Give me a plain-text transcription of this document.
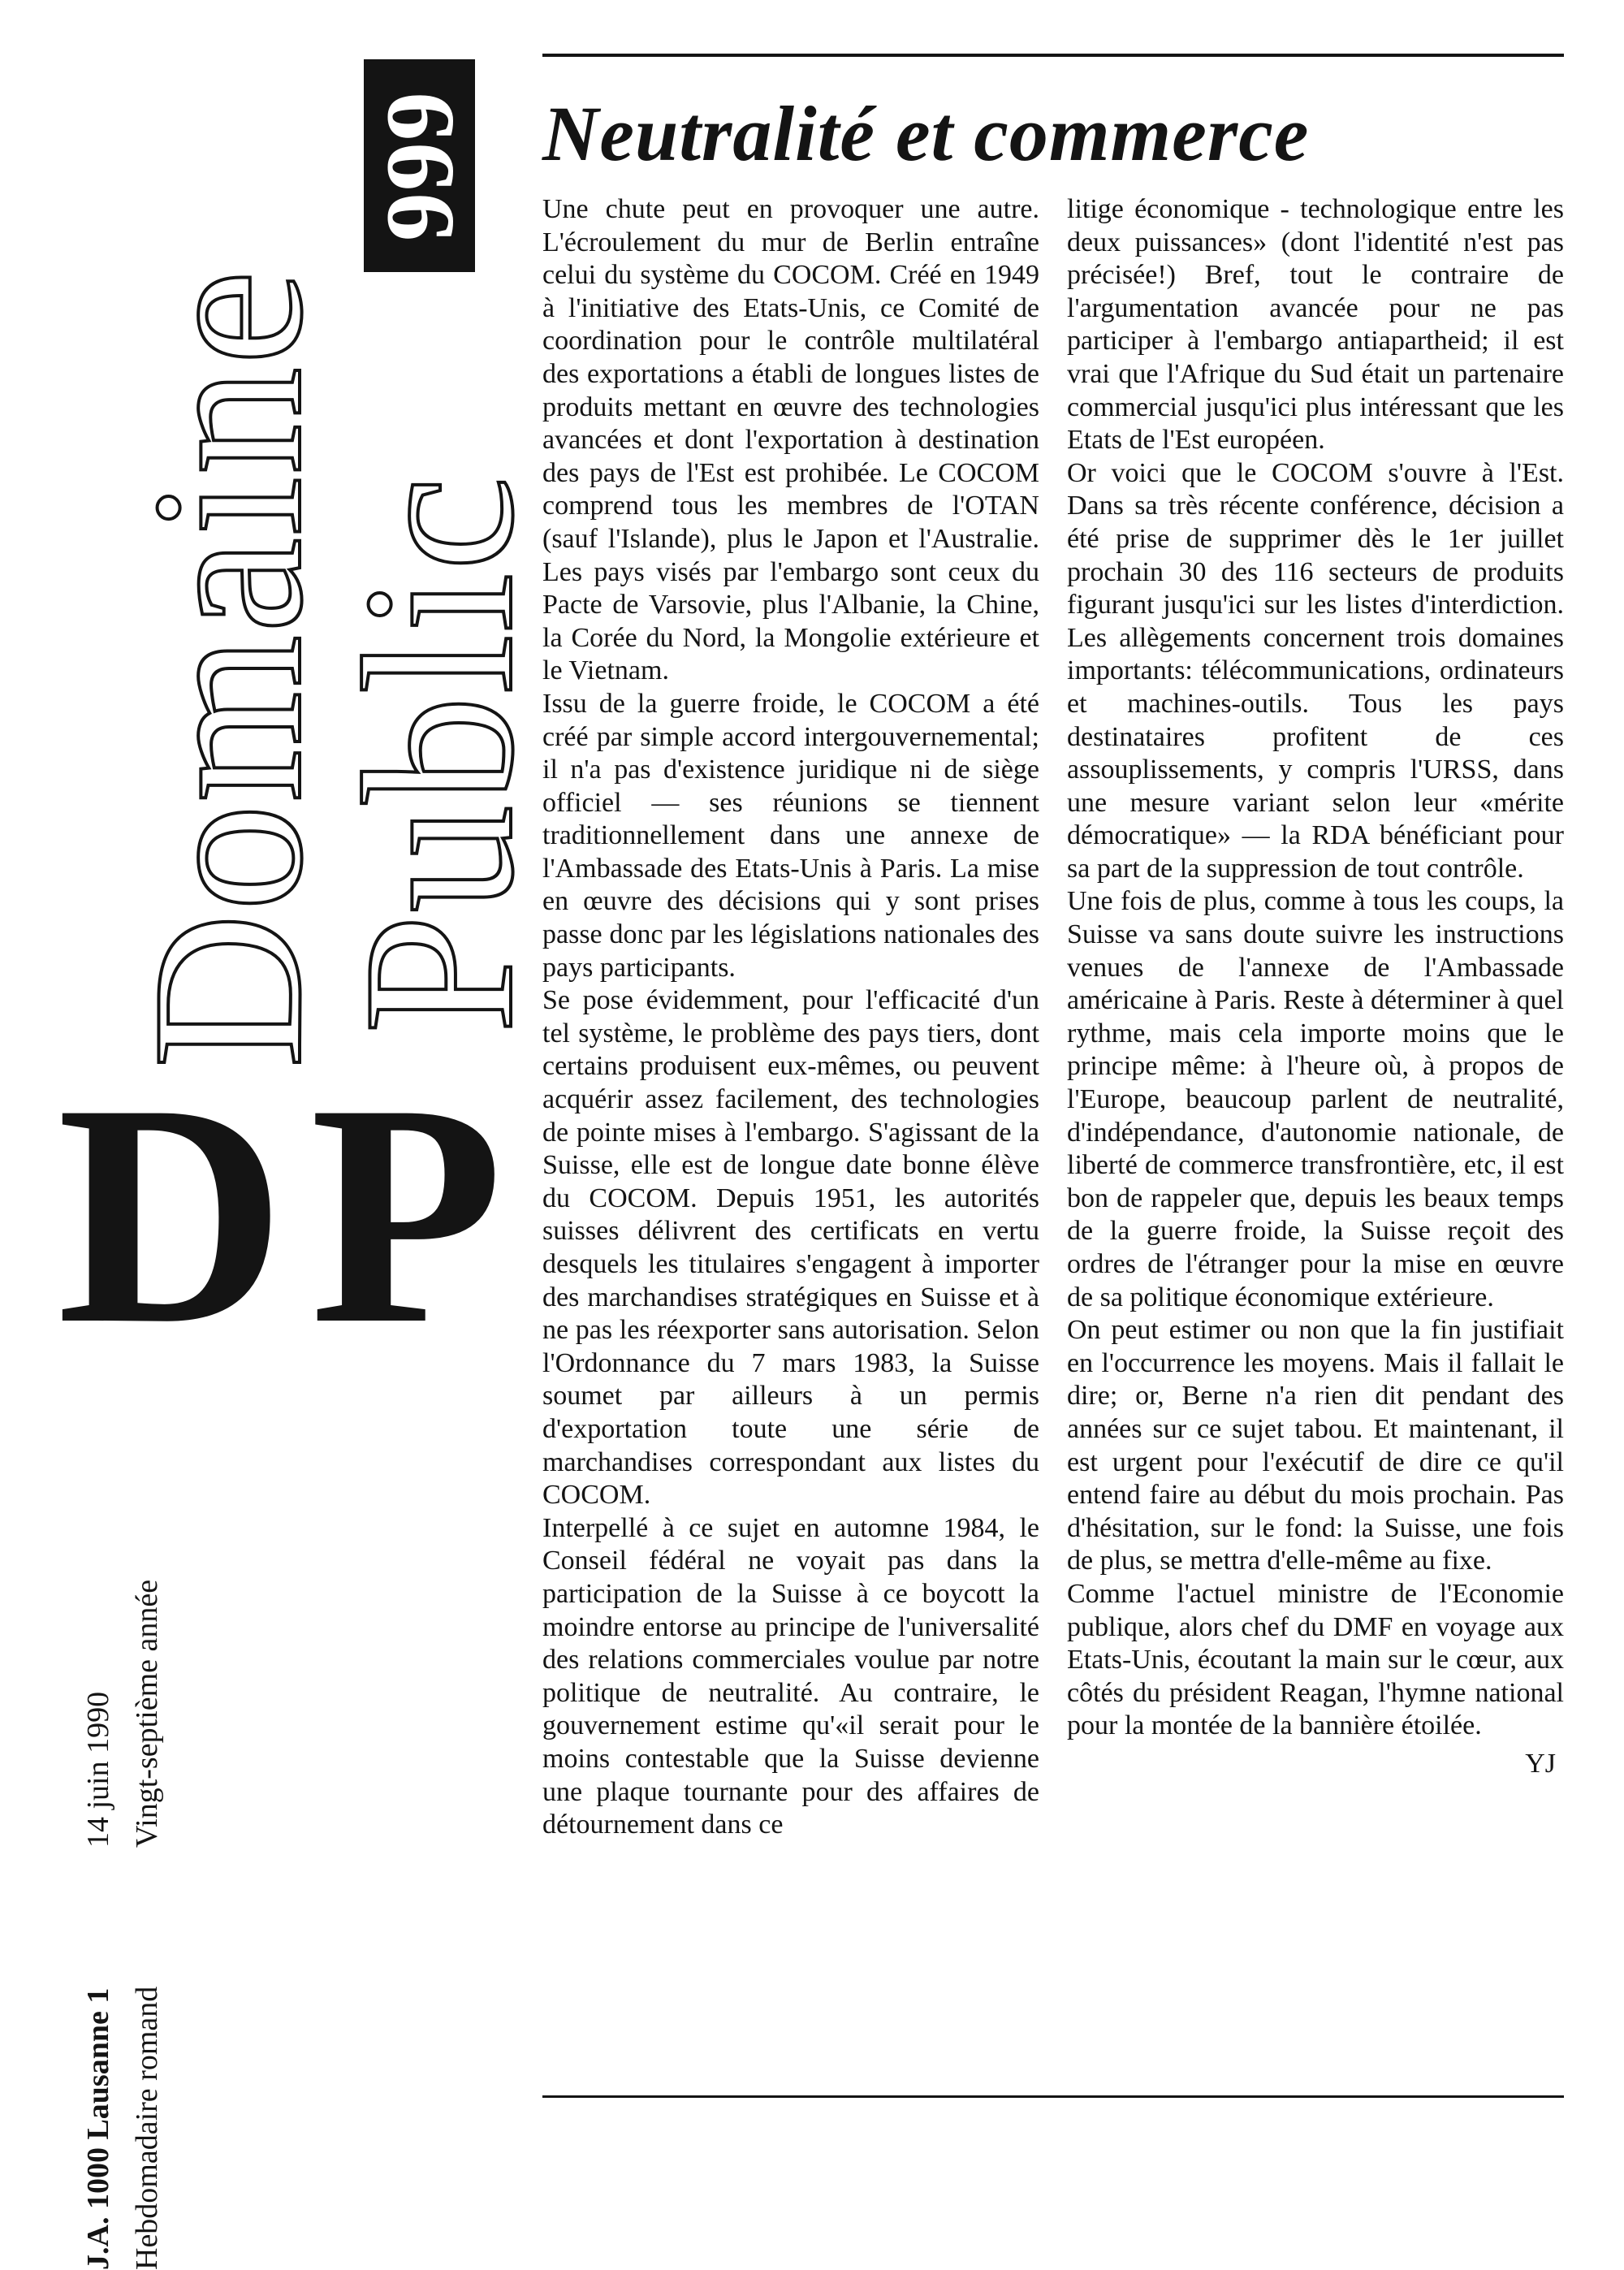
Domaine
Public
999
DP
J.A. 1000 Lausanne 1
14 juin 1990
Hebdomadaire romand
Vingt-septième année
Neutralité et commerce

Une chute peut en provoquer une autre. L'écroulement du mur de Berlin entraîne celui du système du COCOM. Créé en 1949 à l'initiative des Etats-Unis, ce Comité de coordination pour le contrôle multilatéral des exportations a établi de longues listes de produits mettant en œuvre des technologies avancées et dont l'exportation à destination des pays de l'Est est prohibée. Le COCOM comprend tous les membres de l'OTAN (sauf l'Islande), plus le Japon et l'Australie. Les pays visés par l'embargo sont ceux du Pacte de Varsovie, plus l'Albanie, la Chine, la Corée du Nord, la Mongolie extérieure et le Vietnam.

Issu de la guerre froide, le COCOM a été créé par simple accord intergouvernemental; il n'a pas d'existence juridique ni de siège officiel — ses réunions se tiennent traditionnellement dans une annexe de l'Ambassade des Etats-Unis à Paris. La mise en œuvre des décisions qui y sont prises passe donc par les législations nationales des pays participants.

Se pose évidemment, pour l'efficacité d'un tel système, le problème des pays tiers, dont certains produisent eux-mêmes, ou peuvent acquérir assez facilement, des technologies de pointe mises à l'embargo. S'agissant de la Suisse, elle est de longue date bonne élève du COCOM. Depuis 1951, les autorités suisses délivrent des certificats en vertu desquels les titulaires s'engagent à importer des marchandises stratégiques en Suisse et à ne pas les réexporter sans autorisation. Selon l'Ordonnance du 7 mars 1983, la Suisse soumet par ailleurs à un permis d'exportation toute une série de marchandises correspondant aux listes du COCOM.

Interpellé à ce sujet en automne 1984, le Conseil fédéral ne voyait pas dans la participation de la Suisse à ce boycott la moindre entorse au principe de l'universalité des relations commerciales voulue par notre politique de neutralité. Au contraire, le gouvernement estime qu'«il serait pour le moins contestable que la Suisse devienne une plaque tournante pour des affaires de détournement dans ce

litige économique - technologique entre les deux puissances» (dont l'identité n'est pas précisée!) Bref, tout le contraire de l'argumentation avancée pour ne pas participer à l'embargo antiapartheid; il est vrai que l'Afrique du Sud était un partenaire commercial jusqu'ici plus intéressant que les Etats de l'Est européen.

Or voici que le COCOM s'ouvre à l'Est. Dans sa très récente conférence, décision a été prise de supprimer dès le 1er juillet prochain 30 des 116 secteurs de produits figurant jusqu'ici sur les listes d'interdiction. Les allègements concernent trois domaines importants: télécommunications, ordinateurs et machines-outils. Tous les pays destinataires profitent de ces assouplissements, y compris l'URSS, dans une mesure variant selon leur «mérite démocratique» — la RDA bénéficiant pour sa part de la suppression de tout contrôle.

Une fois de plus, comme à tous les coups, la Suisse va sans doute suivre les instructions venues de l'annexe de l'Ambassade américaine à Paris. Reste à déterminer à quel rythme, mais cela importe moins que le principe même: à l'heure où, à propos de l'Europe, beaucoup parlent de neutralité, d'indépendance, d'autonomie nationale, de liberté de commerce transfrontière, etc, il est bon de rappeler que, depuis les beaux temps de la guerre froide, la Suisse reçoit des ordres de l'étranger pour la mise en œuvre de sa politique économique extérieure.

On peut estimer ou non que la fin justifiait en l'occurrence les moyens. Mais il fallait le dire; or, Berne n'a rien dit pendant des années sur ce sujet tabou. Et maintenant, il est urgent pour l'exécutif de dire ce qu'il entend faire au début du mois prochain. Pas d'hésitation, sur le fond: la Suisse, une fois de plus, se mettra d'elle-même au fixe.

Comme l'actuel ministre de l'Economie publique, alors chef du DMF en voyage aux Etats-Unis, écoutant la main sur le cœur, aux côtés du président Reagan, l'hymne national pour la montée de la bannière étoilée.

YJ
